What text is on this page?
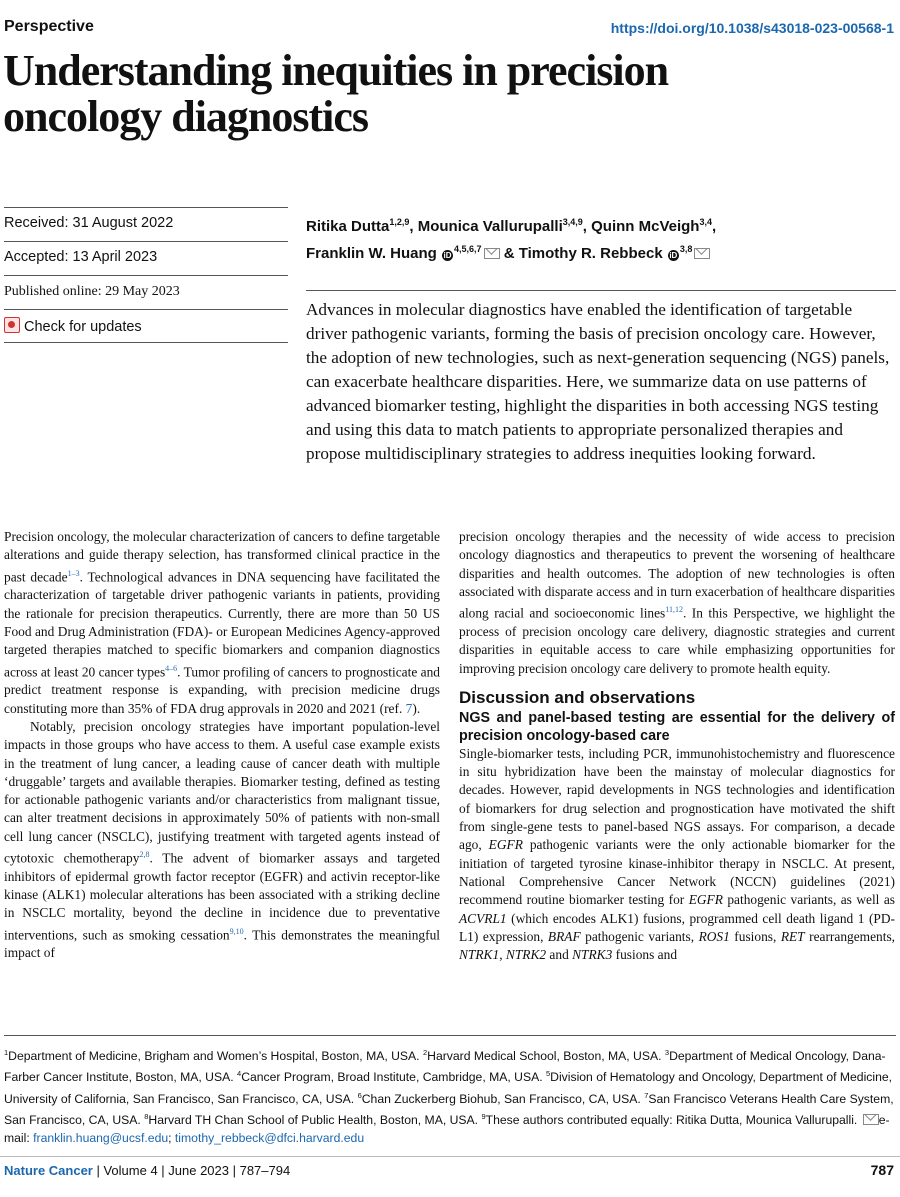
Perspective	https://doi.org/10.1038/s43018-023-00568-1
Understanding inequities in precision
oncology diagnostics
Received: 31 August 2022
Accepted: 13 April 2023
Published online: 29 May 2023
Check for updates
Ritika Dutta$^{1,2,9}$, Mounica Vallurupalli$^{3,4,9}$, Quinn McVeigh$^{3,4}$,
Franklin W. Huang iD$^{4,5,6,7}$ & Timothy R. Rebbeck iD$^{3,8}$
Advances in molecular diagnostics have enabled the identification of targetable driver pathogenic variants, forming the basis of precision oncology care. However, the adoption of new technologies, such as next-generation sequencing (NGS) panels, can exacerbate healthcare disparities. Here, we summarize data on use patterns of advanced biomarker testing, highlight the disparities in both accessing NGS testing and using this data to match patients to appropriate personalized therapies and propose multidisciplinary strategies to address inequities looking forward.

Precision oncology, the molecular characterization of cancers to define targetable alterations and guide therapy selection, has transformed clinical practice in the past decade$^{1-3}$. Technological advances in DNA sequencing have facilitated the characterization of targetable driver pathogenic variants in patients, providing the rationale for precision therapeutics. Currently, there are more than 50 US Food and Drug Administration (FDA)- or European Medicines Agency-approved targeted therapies matched to specific biomarkers and companion diagnostics across at least 20 cancer types$^{4-6}$. Tumor profiling of cancers to prognosticate and predict treatment response is expanding, with precision medicine drugs constituting more than 35% of FDA drug approvals in 2020 and 2021 (ref. 7).

Notably, precision oncology strategies have important population-level impacts in those groups who have access to them. A useful case example exists in the treatment of lung cancer, a leading cause of cancer death with multiple ‘druggable’ targets and available therapies. Biomarker testing, defined as testing for actionable pathogenic variants and/or characteristics from malignant tissue, can alter treatment decisions in approximately 50% of patients with non-small cell lung cancer (NSCLC), justifying treatment with targeted agents instead of cytotoxic chemotherapy$^{2,8}$. The advent of biomarker assays and targeted inhibitors of epidermal growth factor receptor (EGFR) and activin receptor-like kinase (ALK1) molecular alterations has been associated with a striking decline in NSCLC mortality, beyond the decline in incidence due to preventative interventions, such as smoking cessation$^{9,10}$. This demonstrates the meaningful impact of

precision oncology therapies and the necessity of wide access to precision oncology diagnostics and therapeutics to prevent the worsening of healthcare disparities and health outcomes. The adoption of new technologies is often associated with disparate access and in turn exacerbation of healthcare disparities along racial and socioeconomic lines$^{11,12}$. In this Perspective, we highlight the process of precision oncology care delivery, diagnostic strategies and current disparities in equitable access to care while emphasizing opportunities for improving precision oncology care delivery to promote health equity.

Discussion and observations
NGS and panel-based testing are essential for the delivery of precision oncology-based care

Single-biomarker tests, including PCR, immunohistochemistry and fluorescence in situ hybridization have been the mainstay of molecular diagnostics for decades. However, rapid developments in NGS technologies and identification of biomarkers for drug selection and prognostication have motivated the shift from single-gene tests to panel-based NGS assays. For comparison, a decade ago, EGFR pathogenic variants were the only actionable biomarker for the initiation of targeted tyrosine kinase-inhibitor therapy in NSCLC. At present, National Comprehensive Cancer Network (NCCN) guidelines (2021) recommend routine biomarker testing for EGFR pathogenic variants, as well as ACVRL1 (which encodes ALK1) fusions, programmed cell death ligand 1 (PD-L1) expression, BRAF pathogenic variants, ROS1 fusions, RET rearrangements, NTRK1, NTRK2 and NTRK3 fusions and

$^1$Department of Medicine, Brigham and Women’s Hospital, Boston, MA, USA. $^2$Harvard Medical School, Boston, MA, USA. $^3$Department of Medical Oncology, Dana-Farber Cancer Institute, Boston, MA, USA. $^4$Cancer Program, Broad Institute, Cambridge, MA, USA. $^5$Division of Hematology and Oncology, Department of Medicine, University of California, San Francisco, San Francisco, CA, USA. $^6$Chan Zuckerberg Biohub, San Francisco, CA, USA. $^7$San Francisco Veterans Health Care System, San Francisco, CA, USA. $^8$Harvard TH Chan School of Public Health, Boston, MA, USA. $^9$These authors contributed equally: Ritika Dutta, Mounica Vallurupalli. e-mail: franklin.huang@ucsf.edu; timothy_rebbeck@dfci.harvard.edu
Nature Cancer | Volume 4 | June 2023 | 787–794	787
